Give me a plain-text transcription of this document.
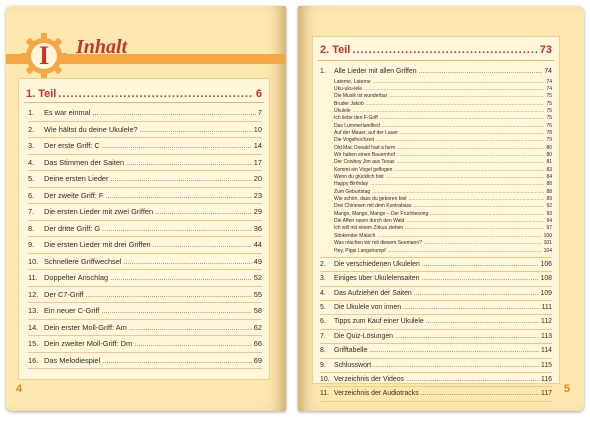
I	Inhalt
1. Teil .....	6
1.	Es war einmal ... .....	7
2.	Wie hältst du deine Ukulele? .....	10
3.	Der erste Griff: C .....	14
4.	Das Stimmen der Saiten .....	17
5.	Deine ersten Lieder .....	20
6.	Der zweite Griff: F .....	23
7.	Die ersten Lieder mit zwei Griffen .....	29
8.	Der dritte Griff: G .....	36
9.	Die ersten Lieder mit drei Griffen .....	44
10. Schnellere Griffwechsel .....	49
11. Doppelter Anschlag .....	52
12. Der C7-Griff .....	55
13. Ein neuer C-Griff .....	58
14. Dein erster Moll-Griff: Am .....	62
15. Dein zweiter Moll-Griff: Dm .....	66
16. Das Melodiespiel .....	69
4
2. Teil .....	73
1.	Alle Lieder mit allen Griffen .....	74
Laterne, Laterne .....	74
Uku-uku-lele .....	74
Die Musik ist wunderbar .....	75
Bruder Jakob .....	75
Ukulele .....	75
Ich liebe den F-Griff .....	75
Das Lummerlandlied .....	76
Auf der Mauer, auf der Lauer .....	78
Die Vogelhochzeit .....	79
Old Mac Donald had a farm .....	80
Wir haben einen Bauernhof .....	80
Der Cowboy Jim aus Texas .....	81
Kommt ein Vogel geflogen .....	83
Wenn du glücklich bist .....	84
Happy Birthday .....	88
Zum Geburtstag .....	88
Wie schön, dass du geboren bist .....	89
Drei Chinesen mit dem Kontrabass .....	92
Mango, Mango, Mango – Der Früchtesong .....	93
Die Affen rasen durch den Wald .....	94
Ich will mit einem Zirkus ziehen .....	97
Stinkender Matsch .....	100
Was machen wir mit diesem Seemann? .....	101
Hey, Pippi Langstrumpf .....	104
2.	Die verschiedenen Ukulelen .....	106
3.	Einiges über Ukulelensaiten .....	108
4.	Das Aufziehen der Saiten .....	109
5.	Die Ukulele von innen .....	111
6.	Tipps zum Kauf einer Ukulele .....	112
7.	Die Quiz-Lösungen .....	113
8.	Grifftabelle .....	114
9.	Schlusswort .....	115
10. Verzeichnis der Videos .....	116
11. Verzeichnis der Audiotracks .....	117 5
